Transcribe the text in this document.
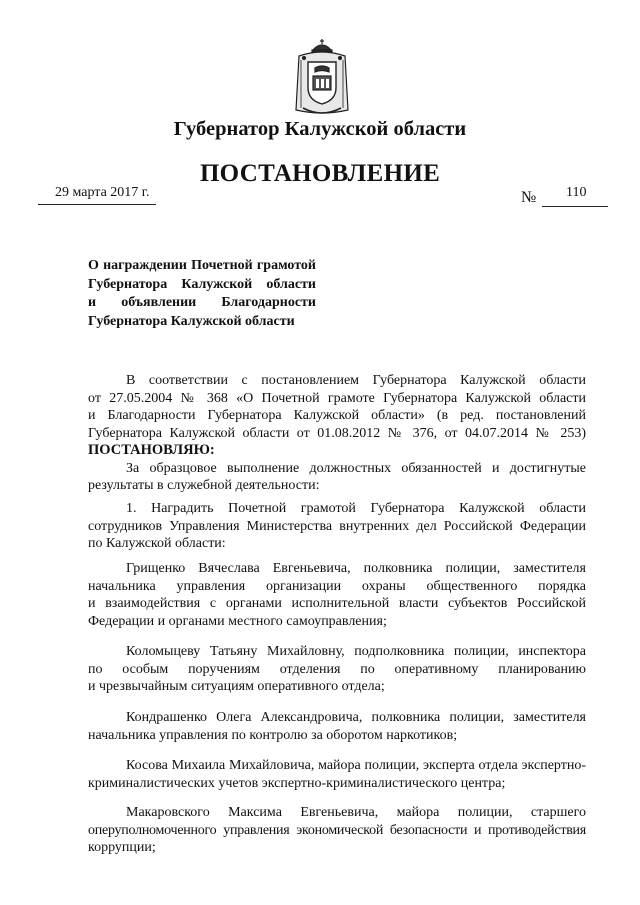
Губернатор Калужской области
ПОСТАНОВЛЕНИЕ
29 марта 2017 г.	№ 110
О награждении Почетной грамотой
Губернатора Калужской области
и объявлении Благодарности
Губернатора Калужской области
В соответствии с постановлением Губернатора Калужской области
от 27.05.2004 № 368 «О Почетной грамоте Губернатора Калужской области
и Благодарности Губернатора Калужской области» (в ред. постановлений
Губернатора Калужской области от 01.08.2012 № 376, от 04.07.2014 № 253)
ПОСТАНОВЛЯЮ:
За образцовое выполнение должностных обязанностей и достигнутые
результаты в служебной деятельности:
1. Наградить Почетной грамотой Губернатора Калужской области
сотрудников Управления Министерства внутренних дел Российской Федерации
по Калужской области:
Грищенко Вячеслава Евгеньевича, полковника полиции, заместителя
начальника управления организации охраны общественного порядка
и взаимодействия с органами исполнительной власти субъектов Российской
Федерации и органами местного самоуправления;
Коломыцеву Татьяну Михайловну, подполковника полиции, инспектора
по особым поручениям отделения по оперативному планированию
и чрезвычайным ситуациям оперативного отдела;
Кондрашенко Олега Александровича, полковника полиции, заместителя
начальника управления по контролю за оборотом наркотиков;
Косова Михаила Михайловича, майора полиции, эксперта отдела экспертно-
криминалистических учетов экспертно-криминалистического центра;
Макаровского Максима Евгеньевича, майора полиции, старшего
оперуполномоченного управления экономической безопасности и противодействия
коррупции;
